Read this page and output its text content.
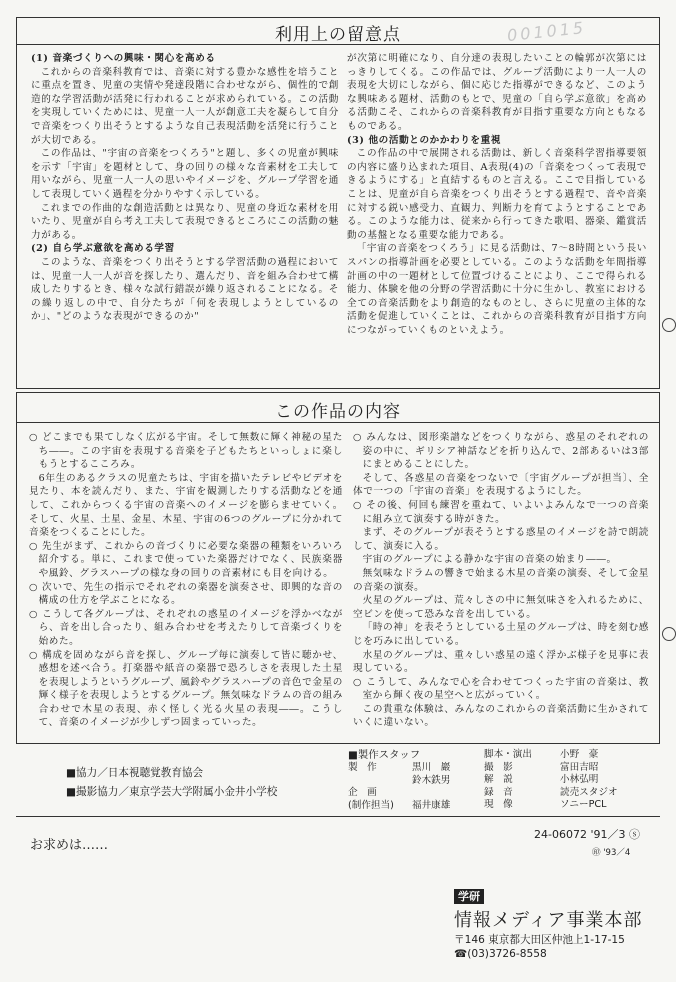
利用上の留意点	001015

(1) 音楽づくりへの興味・関心を高める

これからの音楽科教育では、音楽に対する豊かな感性を培うことに重点を置き、児童の実情や発達段階に合わせながら、個性的で創造的な学習活動が活発に行われることが求められている。この活動を実現していくためには、児童一人一人が創意工夫を凝らして自分で音楽をつくり出そうとするような自己表現活動を活発に行うことが大切である。

この作品は、"宇宙の音楽をつくろう"と題し、多くの児童が興味を示す「宇宙」を題材として、身の回りの様々な音素材を工夫して用いながら、児童一人一人の思いやイメージを、グループ学習を通して表現していく過程を分かりやすく示している。

これまでの作曲的な創造活動とは異なり、児童の身近な素材を用いたり、児童が自ら考え工夫して表現できるところにこの活動の魅力がある。

(2) 自ら学ぶ意欲を高める学習

このような、音楽をつくり出そうとする学習活動の過程においては、児童一人一人が音を探したり、選んだり、音を組み合わせて構成したりするとき、様々な試行錯誤が繰り返されることになる。その繰り返しの中で、自分たちが「何を表現しようとしているのか」、"どのような表現ができるのか"

が次第に明確になり、自分達の表現したいことの輪郭が次第にはっきりしてくる。この作品では、グループ活動により一人一人の表現を大切にしながら、個に応じた指導ができるなど、このような興味ある題材、活動のもとで、児童の「自ら学ぶ意欲」を高める活動こそ、これからの音楽科教育が目指す重要な方向ともなるものである。

(3) 他の活動とのかかわりを重視

この作品の中で展開される活動は、新しく音楽科学習指導要領の内容に盛り込まれた項目、A表現(4)の「音楽をつくって表現できるようにする」と直結するものと言える。ここで目指していることは、児童が自ら音楽をつくり出そうとする過程で、音や音楽に対する鋭い感受力、直観力、判断力を育てようとすることである。このような能力は、従来から行ってきた歌唱、器楽、鑑賞活動の基盤となる重要な能力である。

「宇宙の音楽をつくろう」に見る活動は、7〜8時間という長いスパンの指導計画を必要としている。このような活動を年間指導計画の中の一題材として位置づけることにより、ここで得られる能力、体験を他の分野の学習活動に十分に生かし、教室における全ての音楽活動をより創造的なものとし、さらに児童の主体的な活動を促進していくことは、これからの音楽科教育が目指す方向につながっていくものといえよう。

この作品の内容

○ どこまでも果てしなく広がる宇宙。そして無数に輝く神秘の星たち――。この宇宙を表現する音楽を子どもたちといっしょに楽しもうとするこころみ。

6年生のあるクラスの児童たちは、宇宙を描いたテレビやビデオを見たり、本を読んだり、また、宇宙を観測したりする活動などを通して、これからつくる宇宙の音楽へのイメージを膨らませていく。そして、火星、土星、金星、木星、宇宙の6つのグループに分かれて音楽をつくることにした。

○ 先生がまず、これからの音づくりに必要な楽器の種類をいろいろ紹介する。単に、これまで使っていた楽器だけでなく、民族楽器や風鈴、グラスハープの様な身の回りの音素材にも目を向ける。

○ 次いで、先生の指示でそれぞれの楽器を演奏させ、即興的な音の構成の仕方を学ぶことになる。

○ こうして各グループは、それぞれの惑星のイメージを浮かべながら、音を出し合ったり、組み合わせを考えたりして音楽づくりを始めた。

○ 構成を固めながら音を探し、グループ毎に演奏して皆に聴かせ、感想を述べ合う。打楽器や紙音の楽器で恐ろしさを表現した土星を表現しようというグループ、風鈴やグラスハープの音色で金星の輝く様子を表現しようとするグループ。無気味なドラムの音の組み合わせで木星の表現、赤く怪しく光る火星の表現――。こうして、音楽のイメージが少しずつ固まっていった。

○ みんなは、図形楽譜などをつくりながら、惑星のそれぞれの姿の中に、ギリシア神話などを折り込んで、2部あるいは3部にまとめることにした。

そして、各惑星の音楽をつないで〔宇宙グループが担当〕、全体で一つの「宇宙の音楽」を表現するようにした。

○ その後、何回も練習を重ねて、いよいよみんなで一つの音楽に組み立て演奏する時がきた。

まず、そのグループが表そうとする惑星のイメージを詩で朗読して、演奏に入る。

宇宙のグループによる静かな宇宙の音楽の始まり――。

無気味なドラムの響きで始まる木星の音楽の演奏、そして金星の音楽の演奏。

火星のグループは、荒々しさの中に無気味さを入れるために、空ビンを使って恐みな音を出している。

「時の神」を表そうとしている土星のグループは、時を刻む感じを巧みに出している。

水星のグループは、重々しい惑星の遠く浮かぶ様子を見事に表現している。

○ こうして、みんなで心を合わせてつくった宇宙の音楽は、教室から輝く夜の星空へと広がっていく。

この貴重な体験は、みんなのこれからの音楽活動に生かされていくに違いない。

■協力／日本視聴覚教育協会
■撮影協力／東京学芸大学附属小金井小学校
■製作スタッフ
製　作	黒川　巖
鈴木鉄男
企　画
(制作担当)	福井康雄
脚本・演出	小野　豪
撮　影	富田吉昭
解　説	小林弘明
録　音	読売スタジオ
現　像	ソニーPCL
お求めは……
24-06072 '91／3 ⓢ
㊞ '93／4
学研
情報メディア事業本部
〒146 東京都大田区仲池上1-17-15
☎(03)3726-8558
